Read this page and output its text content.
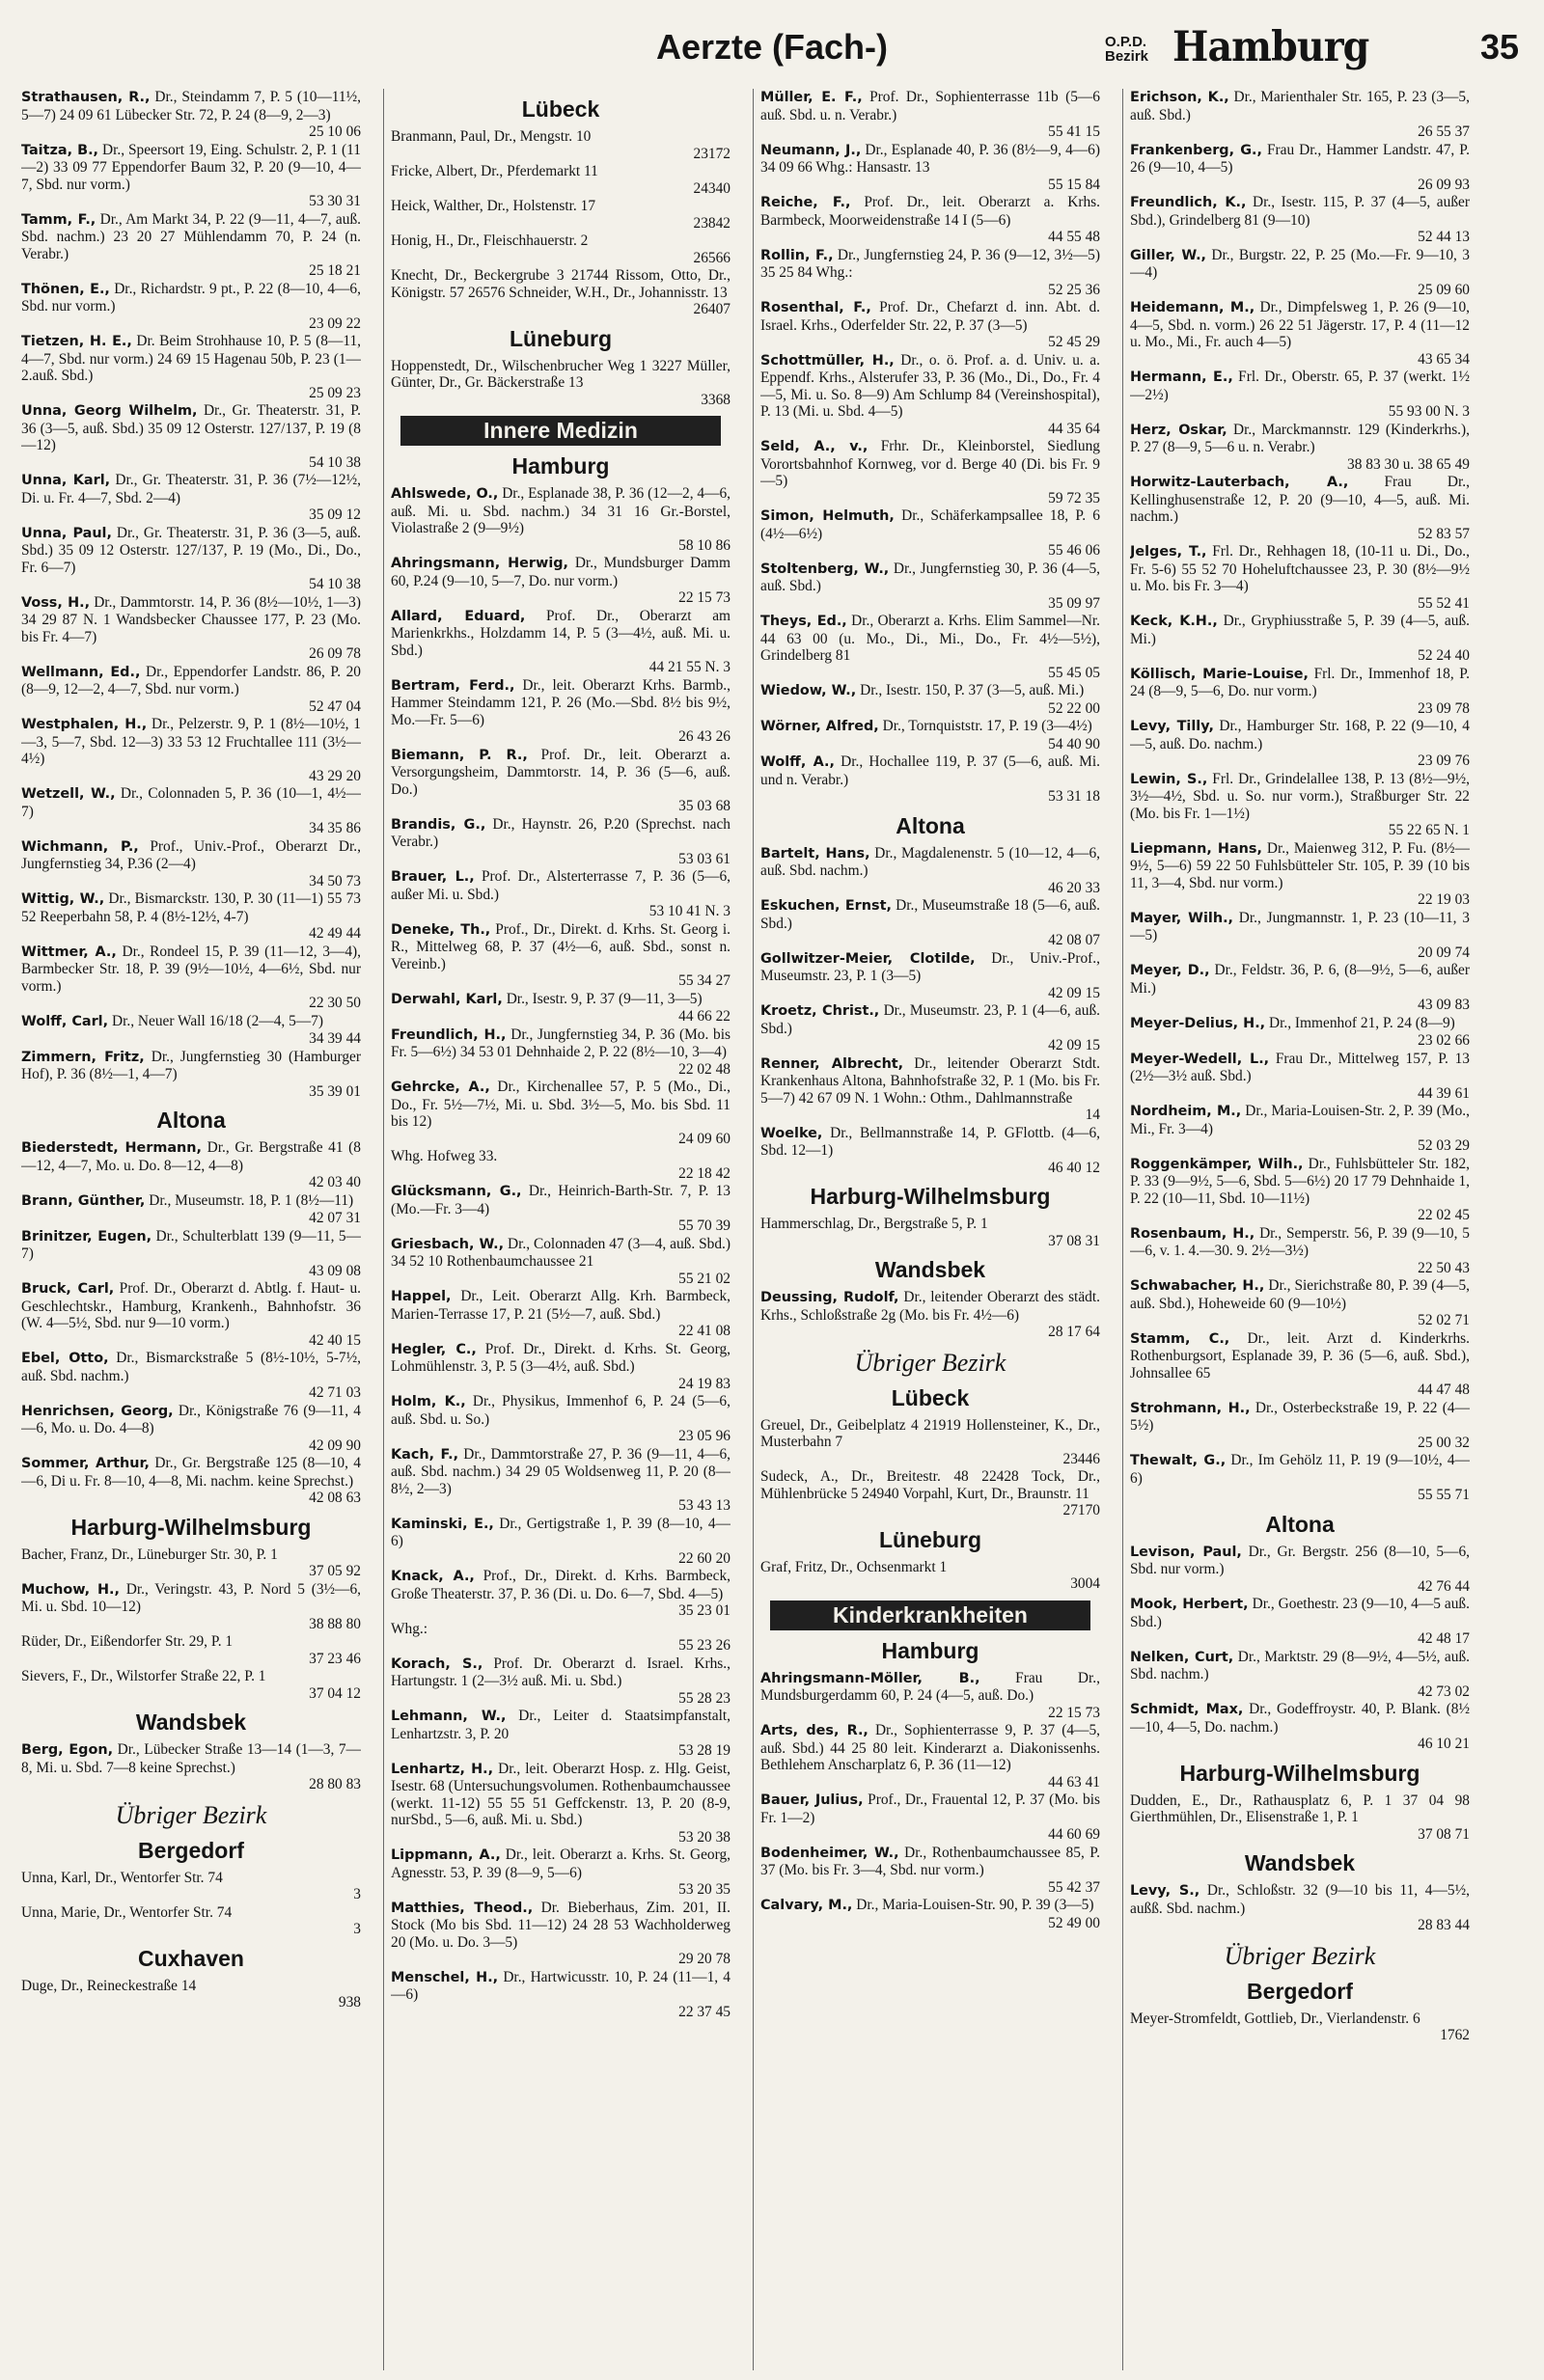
Aerzte (Fach-)	O.P.D.
Bezirk Hamburg	35

Strathausen, R., Dr., Steindamm 7, P. 5 (10—11½, 5—7) 24 09 61 Lübecker Str. 72, P. 24 (8—9, 2—3)
25 10 06

Taitza, B., Dr., Speersort 19, Eing. Schulstr. 2, P. 1 (11—2) 33 09 77 Eppendorfer Baum 32, P. 20 (9—10, 4—7, Sbd. nur vorm.)
53 30 31

Tamm, F., Dr., Am Markt 34, P. 22 (9—11, 4—7, auß. Sbd. nachm.) 23 20 27 Mühlendamm 70, P. 24 (n. Verabr.)
25 18 21

Thönen, E., Dr., Richardstr. 9 pt., P. 22 (8—10, 4—6, Sbd. nur vorm.)
23 09 22

Tietzen, H. E., Dr. Beim Strohhause 10, P. 5 (8—11, 4—7, Sbd. nur vorm.) 24 69 15 Hagenau 50b, P. 23 (1—2.auß. Sbd.)
25 09 23

Unna, Georg Wilhelm, Dr., Gr. Theaterstr. 31, P. 36 (3—5, auß. Sbd.) 35 09 12 Osterstr. 127/137, P. 19 (8—12)
54 10 38

Unna, Karl, Dr., Gr. Theaterstr. 31, P. 36 (7½—12½, Di. u. Fr. 4—7, Sbd. 2—4)
35 09 12

Unna, Paul, Dr., Gr. Theaterstr. 31, P. 36 (3—5, auß. Sbd.) 35 09 12 Osterstr. 127/137, P. 19 (Mo., Di., Do., Fr. 6—7)
54 10 38

Voss, H., Dr., Dammtorstr. 14, P. 36 (8½—10½, 1—3) 34 29 87 N. 1 Wandsbecker Chaussee 177, P. 23 (Mo. bis Fr. 4—7)
26 09 78

Wellmann, Ed., Dr., Eppendorfer Landstr. 86, P. 20 (8—9, 12—2, 4—7, Sbd. nur vorm.)
52 47 04

Westphalen, H., Dr., Pelzerstr. 9, P. 1 (8½—10½, 1—3, 5—7, Sbd. 12—3) 33 53 12 Fruchtallee 111 (3½—4½)
43 29 20

Wetzell, W., Dr., Colonnaden 5, P. 36 (10—1, 4½—7)
34 35 86

Wichmann, P., Prof., Univ.-Prof., Oberarzt Dr., Jungfernstieg 34, P.36 (2—4)
34 50 73

Wittig, W., Dr., Bismarckstr. 130, P. 30 (11—1) 55 73 52 Reeperbahn 58, P. 4 (8½-12½, 4-7)
42 49 44

Wittmer, A., Dr., Rondeel 15, P. 39 (11—12, 3—4), Barmbecker Str. 18, P. 39 (9½—10½, 4—6½, Sbd. nur vorm.)
22 30 50

Wolff, Carl, Dr., Neuer Wall 16/18 (2—4, 5—7)
34 39 44

Zimmern, Fritz, Dr., Jungfernstieg 30 (Hamburger Hof), P. 36 (8½—1, 4—7)
35 39 01

Altona

Biederstedt, Hermann, Dr., Gr. Bergstraße 41 (8—12, 4—7, Mo. u. Do. 8—12, 4—8)
42 03 40

Brann, Günther, Dr., Museumstr. 18, P. 1 (8½—11)
42 07 31

Brinitzer, Eugen, Dr., Schulterblatt 139 (9—11, 5—7)
43 09 08

Bruck, Carl, Prof. Dr., Oberarzt d. Abtlg. f. Haut- u. Geschlechtskr., Hamburg, Krankenh., Bahnhofstr. 36 (W. 4—5½, Sbd. nur 9—10 vorm.)
42 40 15

Ebel, Otto, Dr., Bismarckstraße 5 (8½-10½, 5-7½, auß. Sbd. nachm.)
42 71 03

Henrichsen, Georg, Dr., Königstraße 76 (9—11, 4—6, Mo. u. Do. 4—8)
42 09 90

Sommer, Arthur, Dr., Gr. Bergstraße 125 (8—10, 4—6, Di u. Fr. 8—10, 4—8, Mi. nachm. keine Sprechst.)
42 08 63

Harburg-Wilhelmsburg

Bacher, Franz, Dr., Lüneburger Str. 30, P. 1
37 05 92

Muchow, H., Dr., Veringstr. 43, P. Nord 5 (3½—6, Mi. u. Sbd. 10—12)
38 88 80

Rüder, Dr., Eißendorfer Str. 29, P. 1
37 23 46

Sievers, F., Dr., Wilstorfer Straße 22, P. 1
37 04 12

Wandsbek

Berg, Egon, Dr., Lübecker Straße 13—14 (1—3, 7—8, Mi. u. Sbd. 7—8 keine Sprechst.)
28 80 83

Übriger Bezirk
Bergedorf

Unna, Karl, Dr., Wentorfer Str. 74
3

Unna, Marie, Dr., Wentorfer Str. 74
3

Cuxhaven

Duge, Dr., Reineckestraße 14
938

Lübeck

Branmann, Paul, Dr., Mengstr. 10
23172

Fricke, Albert, Dr., Pferdemarkt 11
24340

Heick, Walther, Dr., Holstenstr. 17
23842

Honig, H., Dr., Fleischhauerstr. 2
26566

Knecht, Dr., Beckergrube 3 21744 Rissom, Otto, Dr., Königstr. 57 26576 Schneider, W.H., Dr., Johannisstr. 13
26407

Lüneburg

Hoppenstedt, Dr., Wilschenbrucher Weg 1 3227 Müller, Günter, Dr., Gr. Bäckerstraße 13
3368

Innere Medizin
Hamburg

Ahlswede, O., Dr., Esplanade 38, P. 36 (12—2, 4—6, auß. Mi. u. Sbd. nachm.) 34 31 16 Gr.-Borstel, Violastraße 2 (9—9½)
58 10 86

Ahringsmann, Herwig, Dr., Mundsburger Damm 60, P.24 (9—10, 5—7, Do. nur vorm.)
22 15 73

Allard, Eduard, Prof. Dr., Oberarzt am Marienkrkhs., Holzdamm 14, P. 5 (3—4½, auß. Mi. u. Sbd.)
44 21 55 N. 3

Bertram, Ferd., Dr., leit. Oberarzt Krhs. Barmb., Hammer Steindamm 121, P. 26 (Mo.—Sbd. 8½ bis 9½, Mo.—Fr. 5—6)
26 43 26

Biemann, P. R., Prof. Dr., leit. Oberarzt a. Versorgungsheim, Dammtorstr. 14, P. 36 (5—6, auß. Do.)
35 03 68

Brandis, G., Dr., Haynstr. 26, P.20 (Sprechst. nach Verabr.)
53 03 61

Brauer, L., Prof. Dr., Alsterterrasse 7, P. 36 (5—6, außer Mi. u. Sbd.)
53 10 41 N. 3

Deneke, Th., Prof., Dr., Direkt. d. Krhs. St. Georg i. R., Mittelweg 68, P. 37 (4½—6, auß. Sbd., sonst n. Vereinb.)
55 34 27

Derwahl, Karl, Dr., Isestr. 9, P. 37 (9—11, 3—5)
44 66 22

Freundlich, H., Dr., Jungfernstieg 34, P. 36 (Mo. bis Fr. 5—6½) 34 53 01 Dehnhaide 2, P. 22 (8½—10, 3—4)
22 02 48

Gehrcke, A., Dr., Kirchenallee 57, P. 5 (Mo., Di., Do., Fr. 5½—7½, Mi. u. Sbd. 3½—5, Mo. bis Sbd. 11 bis 12)
24 09 60

Whg. Hofweg 33.
22 18 42

Glücksmann, G., Dr., Heinrich-Barth-Str. 7, P. 13 (Mo.—Fr. 3—4)
55 70 39

Griesbach, W., Dr., Colonnaden 47 (3—4, auß. Sbd.) 34 52 10 Rothenbaumchaussee 21
55 21 02

Happel, Dr., Leit. Oberarzt Allg. Krh. Barmbeck, Marien-Terrasse 17, P. 21 (5½—7, auß. Sbd.)
22 41 08

Hegler, C., Prof. Dr., Direkt. d. Krhs. St. Georg, Lohmühlenstr. 3, P. 5 (3—4½, auß. Sbd.)
24 19 83

Holm, K., Dr., Physikus, Immenhof 6, P. 24 (5—6, auß. Sbd. u. So.)
23 05 96

Kach, F., Dr., Dammtorstraße 27, P. 36 (9—11, 4—6, auß. Sbd. nachm.) 34 29 05 Woldsenweg 11, P. 20 (8—8½, 2—3)
53 43 13

Kaminski, E., Dr., Gertigstraße 1, P. 39 (8—10, 4—6)
22 60 20

Knack, A., Prof., Dr., Direkt. d. Krhs. Barmbeck, Große Theaterstr. 37, P. 36 (Di. u. Do. 6—7, Sbd. 4—5)
35 23 01

Whg.:
55 23 26

Korach, S., Prof. Dr. Oberarzt d. Israel. Krhs., Hartungstr. 1 (2—3½ auß. Mi. u. Sbd.)
55 28 23

Lehmann, W., Dr., Leiter d. Staatsimpfanstalt, Lenhartzstr. 3, P. 20
53 28 19

Lenhartz, H., Dr., leit. Oberarzt Hosp. z. Hlg. Geist, Isestr. 68 (Untersuchungsvolumen. Rothenbaumchaussee (werkt. 11-12) 55 55 51 Geffckenstr. 13, P. 20 (8-9, nurSbd., 5—6, auß. Mi. u. Sbd.)
53 20 38

Lippmann, A., Dr., leit. Oberarzt a. Krhs. St. Georg, Agnesstr. 53, P. 39 (8—9, 5—6)
53 20 35

Matthies, Theod., Dr. Bieberhaus, Zim. 201, II. Stock (Mo bis Sbd. 11—12) 24 28 53 Wachholderweg 20 (Mo. u. Do. 3—5)
29 20 78

Menschel, H., Dr., Hartwicusstr. 10, P. 24 (11—1, 4—6)
22 37 45

Müller, E. F., Prof. Dr., Sophienterrasse 11b (5—6 auß. Sbd. u. n. Verabr.)
55 41 15

Neumann, J., Dr., Esplanade 40, P. 36 (8½—9, 4—6) 34 09 66 Whg.: Hansastr. 13
55 15 84

Reiche, F., Prof. Dr., leit. Oberarzt a. Krhs. Barmbeck, Moorweidenstraße 14 I (5—6)
44 55 48

Rollin, F., Dr., Jungfernstieg 24, P. 36 (9—12, 3½—5) 35 25 84 Whg.:
52 25 36

Rosenthal, F., Prof. Dr., Chefarzt d. inn. Abt. d. Israel. Krhs., Oderfelder Str. 22, P. 37 (3—5)
52 45 29

Schottmüller, H., Dr., o. ö. Prof. a. d. Univ. u. a. Eppendf. Krhs., Alsterufer 33, P. 36 (Mo., Di., Do., Fr. 4—5, Mi. u. So. 8—9) Am Schlump 84 (Vereinshospital), P. 13 (Mi. u. Sbd. 4—5)
44 35 64

Seld, A., v., Frhr. Dr., Kleinborstel, Siedlung Vorortsbahnhof Kornweg, vor d. Berge 40 (Di. bis Fr. 9—5)
59 72 35

Simon, Helmuth, Dr., Schäferkampsallee 18, P. 6 (4½—6½)
55 46 06

Stoltenberg, W., Dr., Jungfernstieg 30, P. 36 (4—5, auß. Sbd.)
35 09 97

Theys, Ed., Dr., Oberarzt a. Krhs. Elim Sammel—Nr. 44 63 00 (u. Mo., Di., Mi., Do., Fr. 4½—5½), Grindelberg 81
55 45 05

Wiedow, W., Dr., Isestr. 150, P. 37 (3—5, auß. Mi.)
52 22 00

Wörner, Alfred, Dr., Tornquiststr. 17, P. 19 (3—4½)
54 40 90

Wolff, A., Dr., Hochallee 119, P. 37 (5—6, auß. Mi. und n. Verabr.)
53 31 18

Altona

Bartelt, Hans, Dr., Magdalenenstr. 5 (10—12, 4—6, auß. Sbd. nachm.)
46 20 33

Eskuchen, Ernst, Dr., Museumstraße 18 (5—6, auß. Sbd.)
42 08 07

Gollwitzer-Meier, Clotilde, Dr., Univ.-Prof., Museumstr. 23, P. 1 (3—5)
42 09 15

Kroetz, Christ., Dr., Museumstr. 23, P. 1 (4—6, auß. Sbd.)
42 09 15

Renner, Albrecht, Dr., leitender Oberarzt Stdt. Krankenhaus Altona, Bahnhofstraße 32, P. 1 (Mo. bis Fr. 5—7) 42 67 09 N. 1 Wohn.: Othm., Dahlmannstraße
14

Woelke, Dr., Bellmannstraße 14, P. GFlottb. (4—6, Sbd. 12—1)
46 40 12

Harburg-Wilhelmsburg

Hammerschlag, Dr., Bergstraße 5, P. 1
37 08 31

Wandsbek

Deussing, Rudolf, Dr., leitender Oberarzt des städt. Krhs., Schloßstraße 2g (Mo. bis Fr. 4½—6)
28 17 64

Übriger Bezirk
Lübeck

Greuel, Dr., Geibelplatz 4 21919 Hollensteiner, K., Dr., Musterbahn 7
23446

Sudeck, A., Dr., Breitestr. 48 22428 Tock, Dr., Mühlenbrücke 5 24940 Vorpahl, Kurt, Dr., Braunstr. 11
27170

Lüneburg

Graf, Fritz, Dr., Ochsenmarkt 1
3004

Kinderkrankheiten
Hamburg

Ahringsmann-Möller, B., Frau Dr., Mundsburgerdamm 60, P. 24 (4—5, auß. Do.)
22 15 73

Arts, des, R., Dr., Sophienterrasse 9, P. 37 (4—5, auß. Sbd.) 44 25 80 leit. Kinderarzt a. Diakonissenhs. Bethlehem Anscharplatz 6, P. 36 (11—12)
44 63 41

Bauer, Julius, Prof., Dr., Frauental 12, P. 37 (Mo. bis Fr. 1—2)
44 60 69

Bodenheimer, W., Dr., Rothenbaumchaussee 85, P. 37 (Mo. bis Fr. 3—4, Sbd. nur vorm.)
55 42 37

Calvary, M., Dr., Maria-Louisen-Str. 90, P. 39 (3—5)
52 49 00

Erichson, K., Dr., Marienthaler Str. 165, P. 23 (3—5, auß. Sbd.)
26 55 37

Frankenberg, G., Frau Dr., Hammer Landstr. 47, P. 26 (9—10, 4—5)
26 09 93

Freundlich, K., Dr., Isestr. 115, P. 37 (4—5, außer Sbd.), Grindelberg 81 (9—10)
52 44 13

Giller, W., Dr., Burgstr. 22, P. 25 (Mo.—Fr. 9—10, 3—4)
25 09 60

Heidemann, M., Dr., Dimpfelsweg 1, P. 26 (9—10, 4—5, Sbd. n. vorm.) 26 22 51 Jägerstr. 17, P. 4 (11—12 u. Mo., Mi., Fr. auch 4—5)
43 65 34

Hermann, E., Frl. Dr., Oberstr. 65, P. 37 (werkt. 1½—2½)
55 93 00 N. 3

Herz, Oskar, Dr., Marckmannstr. 129 (Kinderkrhs.), P. 27 (8—9, 5—6 u. n. Verabr.)
38 83 30 u. 38 65 49

Horwitz-Lauterbach, A., Frau Dr., Kellinghusenstraße 12, P. 20 (9—10, 4—5, auß. Mi. nachm.)
52 83 57

Jelges, T., Frl. Dr., Rehhagen 18, (10-11 u. Di., Do., Fr. 5-6) 55 52 70 Hoheluftchaussee 23, P. 30 (8½—9½ u. Mo. bis Fr. 3—4)
55 52 41

Keck, K.H., Dr., Gryphiusstraße 5, P. 39 (4—5, auß. Mi.)
52 24 40

Köllisch, Marie-Louise, Frl. Dr., Immenhof 18, P. 24 (8—9, 5—6, Do. nur vorm.)
23 09 78

Levy, Tilly, Dr., Hamburger Str. 168, P. 22 (9—10, 4—5, auß. Do. nachm.)
23 09 76

Lewin, S., Frl. Dr., Grindelallee 138, P. 13 (8½—9½, 3½—4½, Sbd. u. So. nur vorm.), Straßburger Str. 22 (Mo. bis Fr. 1—1½)
55 22 65 N. 1

Liepmann, Hans, Dr., Maienweg 312, P. Fu. (8½—9½, 5—6) 59 22 50 Fuhlsbütteler Str. 105, P. 39 (10 bis 11, 3—4, Sbd. nur vorm.)
22 19 03

Mayer, Wilh., Dr., Jungmannstr. 1, P. 23 (10—11, 3—5)
20 09 74

Meyer, D., Dr., Feldstr. 36, P. 6, (8—9½, 5—6, außer Mi.)
43 09 83

Meyer-Delius, H., Dr., Immenhof 21, P. 24 (8—9)
23 02 66

Meyer-Wedell, L., Frau Dr., Mittelweg 157, P. 13 (2½—3½ auß. Sbd.)
44 39 61

Nordheim, M., Dr., Maria-Louisen-Str. 2, P. 39 (Mo., Mi., Fr. 3—4)
52 03 29

Roggenkämper, Wilh., Dr., Fuhlsbütteler Str. 182, P. 33 (9—9½, 5—6, Sbd. 5—6½) 20 17 79 Dehnhaide 1, P. 22 (10—11, Sbd. 10—11½)
22 02 45

Rosenbaum, H., Dr., Semperstr. 56, P. 39 (9—10, 5—6, v. 1. 4.—30. 9. 2½—3½)
22 50 43

Schwabacher, H., Dr., Sierichstraße 80, P. 39 (4—5, auß. Sbd.), Hoheweide 60 (9—10½)
52 02 71

Stamm, C., Dr., leit. Arzt d. Kinderkrhs. Rothenburgsort, Esplanade 39, P. 36 (5—6, auß. Sbd.), Johnsallee 65
44 47 48

Strohmann, H., Dr., Osterbeckstraße 19, P. 22 (4—5½)
25 00 32

Thewalt, G., Dr., Im Gehölz 11, P. 19 (9—10½, 4—6)
55 55 71

Altona

Levison, Paul, Dr., Gr. Bergstr. 256 (8—10, 5—6, Sbd. nur vorm.)
42 76 44

Mook, Herbert, Dr., Goethestr. 23 (9—10, 4—5 auß. Sbd.)
42 48 17

Nelken, Curt, Dr., Marktstr. 29 (8—9½, 4—5½, auß. Sbd. nachm.)
42 73 02

Schmidt, Max, Dr., Godeffroystr. 40, P. Blank. (8½—10, 4—5, Do. nachm.)
46 10 21

Harburg-Wilhelmsburg

Dudden, E., Dr., Rathausplatz 6, P. 1 37 04 98 Gierthmühlen, Dr., Elisenstraße 1, P. 1
37 08 71

Wandsbek

Levy, S., Dr., Schloßstr. 32 (9—10 bis 11, 4—5½, außß. Sbd. nachm.)
28 83 44

Übriger Bezirk
Bergedorf

Meyer-Stromfeldt, Gottlieb, Dr., Vierlandenstr. 6
1762
